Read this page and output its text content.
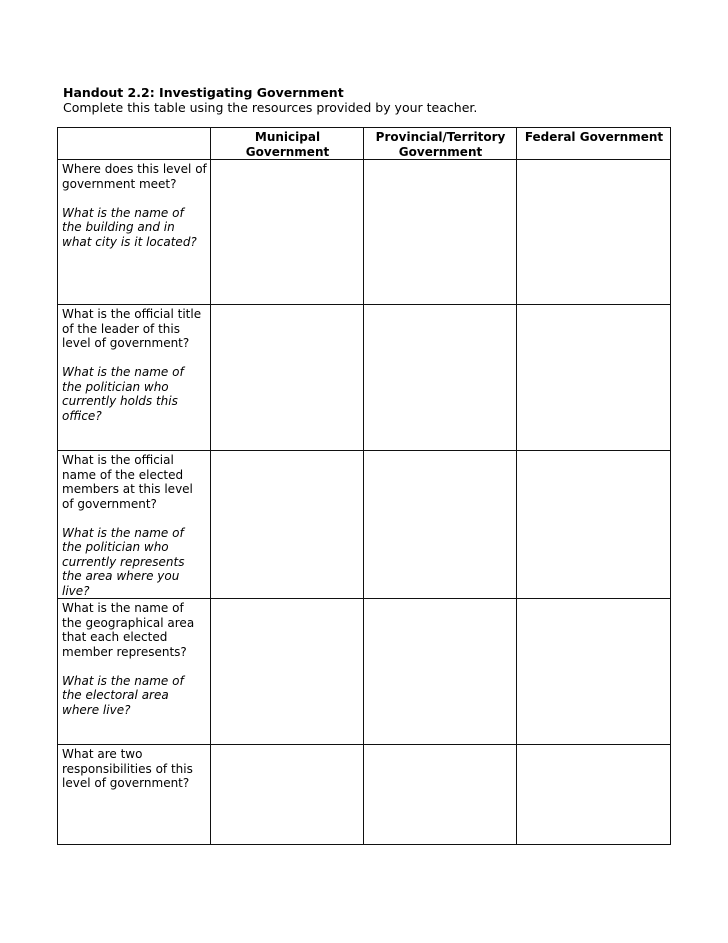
Handout 2.2: Investigating Government
Complete this table using the resources provided by your teacher.
	Municipal Government	Provincial/Territory Government	Federal Government

Where does this level of government meet?
What is the name of the building and in what city is it located?			

What is the official title of the leader of this level of government?
What is the name of the politician who currently holds this office?			

What is the official name of the elected members at this level of government?
What is the name of the politician who currently represents the area where you live?			

What is the name of the geographical area that each elected member represents?
What is the name of the electoral area where live?			

What are two responsibilities of this level of government?			
